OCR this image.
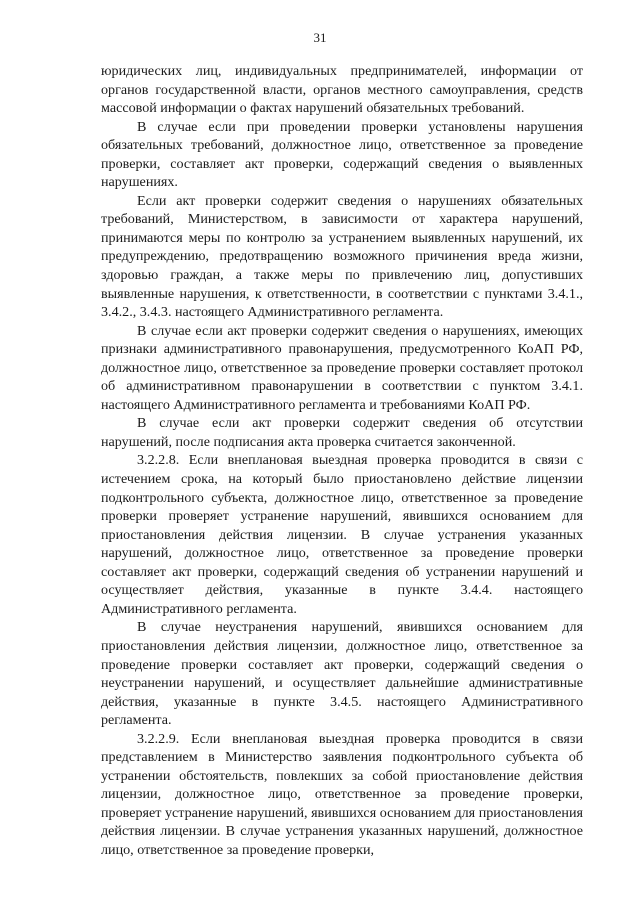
31

юридических лиц, индивидуальных предпринимателей, информации от органов государственной власти, органов местного самоуправления, средств массовой информации о фактах нарушений обязательных требований.

В случае если при проведении проверки установлены нарушения обязательных требований, должностное лицо, ответственное за проведение проверки, составляет акт проверки, содержащий сведения о выявленных нарушениях.

Если акт проверки содержит сведения о нарушениях обязательных требований, Министерством, в зависимости от характера нарушений, принимаются меры по контролю за устранением выявленных нарушений, их предупреждению, предотвращению возможного причинения вреда жизни, здоровью граждан, а также меры по привлечению лиц, допустивших выявленные нарушения, к ответственности, в соответствии с пунктами 3.4.1., 3.4.2., 3.4.3. настоящего Административного регламента.

В случае если акт проверки содержит сведения о нарушениях, имеющих признаки административного правонарушения, предусмотренного КоАП РФ, должностное лицо, ответственное за проведение проверки составляет протокол об административном правонарушении в соответствии с пунктом 3.4.1. настоящего Административного регламента и требованиями КоАП РФ.

В случае если акт проверки содержит сведения об отсутствии нарушений, после подписания акта проверка считается законченной.

3.2.2.8. Если внеплановая выездная проверка проводится в связи с истечением срока, на который было приостановлено действие лицензии подконтрольного субъекта, должностное лицо, ответственное за проведение проверки проверяет устранение нарушений, явившихся основанием для приостановления действия лицензии. В случае устранения указанных нарушений, должностное лицо, ответственное за проведение проверки составляет акт проверки, содержащий сведения об устранении нарушений и осуществляет действия, указанные в пункте 3.4.4. настоящего Административного регламента.

В случае неустранения нарушений, явившихся основанием для приостановления действия лицензии, должностное лицо, ответственное за проведение проверки составляет акт проверки, содержащий сведения о неустранении нарушений, и осуществляет дальнейшие административные действия, указанные в пункте 3.4.5. настоящего Административного регламента.

3.2.2.9. Если внеплановая выездная проверка проводится в связи представлением в Министерство заявления подконтрольного субъекта об устранении обстоятельств, повлекших за собой приостановление действия лицензии, должностное лицо, ответственное за проведение проверки, проверяет устранение нарушений, явившихся основанием для приостановления действия лицензии. В случае устранения указанных нарушений, должностное лицо, ответственное за проведение проверки,
